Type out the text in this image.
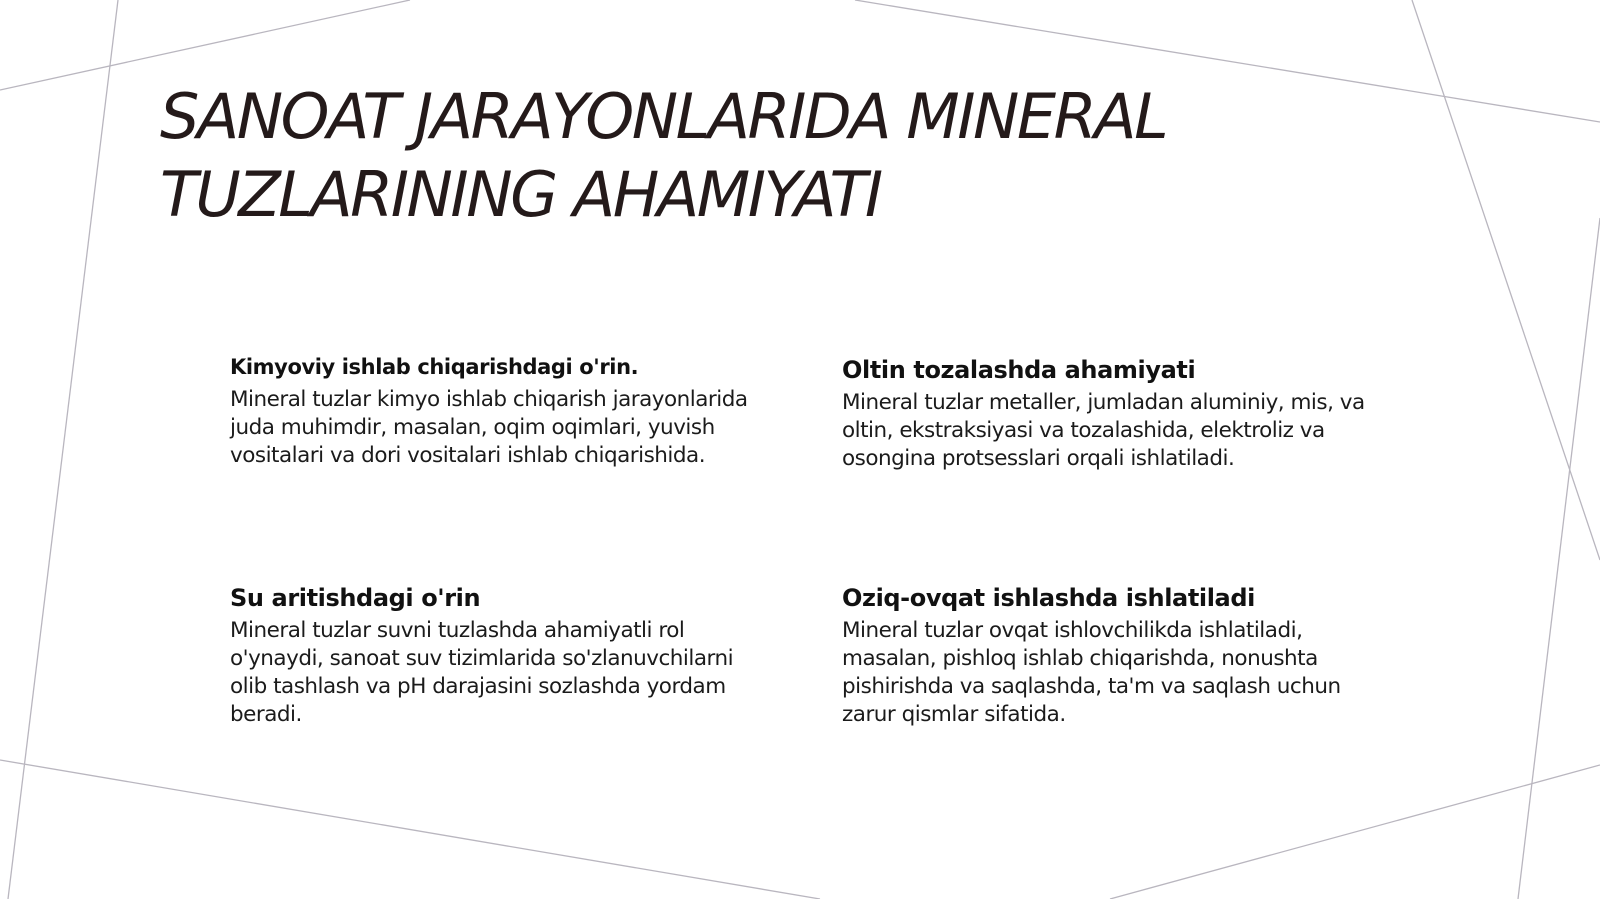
SANOAT JARAYONLARIDA MINERAL
TUZLARINING AHAMIYATI
Kimyoviy ishlab chiqarishdagi o'rin.

Mineral tuzlar kimyo ishlab chiqarish jarayonlarida juda muhimdir, masalan, oqim oqimlari, yuvish vositalari va dori vositalari ishlab chiqarishida.

Oltin tozalashda ahamiyati

Mineral tuzlar metaller, jumladan aluminiy, mis, va oltin, ekstraksiyasi va tozalashida, elektroliz va osongina protsesslari orqali ishlatiladi.

Su aritishdagi o'rin

Mineral tuzlar suvni tuzlashda ahamiyatli rol o'ynaydi, sanoat suv tizimlarida so'zlanuvchilarni olib tashlash va pH darajasini sozlashda yordam beradi.

Oziq-ovqat ishlashda ishlatiladi

Mineral tuzlar ovqat ishlovchilikda ishlatiladi, masalan, pishloq ishlab chiqarishda, nonushta pishirishda va saqlashda, ta'm va saqlash uchun zarur qismlar sifatida.
